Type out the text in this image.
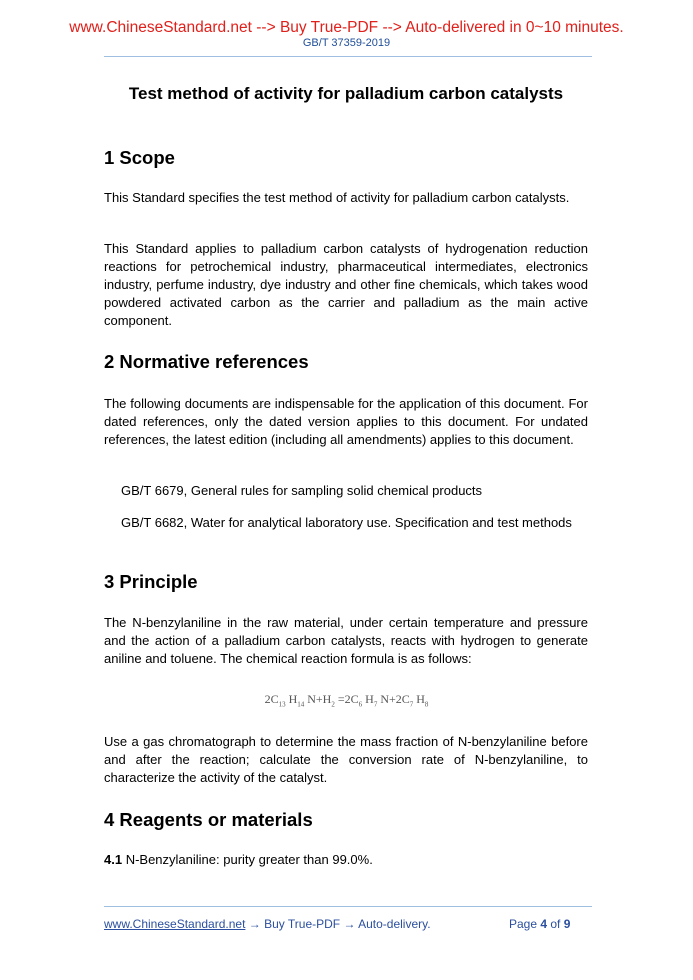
www.ChineseStandard.net --> Buy True-PDF --> Auto-delivered in 0~10 minutes.
GB/T 37359-2019
Test method of activity for palladium carbon catalysts
1 Scope

This Standard specifies the test method of activity for palladium carbon catalysts.

This Standard applies to palladium carbon catalysts of hydrogenation reduction reactions for petrochemical industry, pharmaceutical intermediates, electronics industry, perfume industry, dye industry and other fine chemicals, which takes wood powdered activated carbon as the carrier and palladium as the main active component.

2 Normative references

The following documents are indispensable for the application of this document. For dated references, only the dated version applies to this document. For undated references, the latest edition (including all amendments) applies to this document.

GB/T 6679, General rules for sampling solid chemical products

GB/T 6682, Water for analytical laboratory use. Specification and test methods

3 Principle

The N-benzylaniline in the raw material, under certain temperature and pressure and the action of a palladium carbon catalysts, reacts with hydrogen to generate aniline and toluene. The chemical reaction formula is as follows:

$2C_{13}$ $H_{14}$ $N+H_2 =2C_6$ $H_7$ $N+2C_7$ $H_8$

Use a gas chromatograph to determine the mass fraction of N-benzylaniline before and after the reaction; calculate the conversion rate of N-benzylaniline, to characterize the activity of the catalyst.

4 Reagents or materials

4.1 N-Benzylaniline: purity greater than 99.0%.

www.ChineseStandard.net → Buy True-PDF → Auto-delivery.	Page 4 of 9
